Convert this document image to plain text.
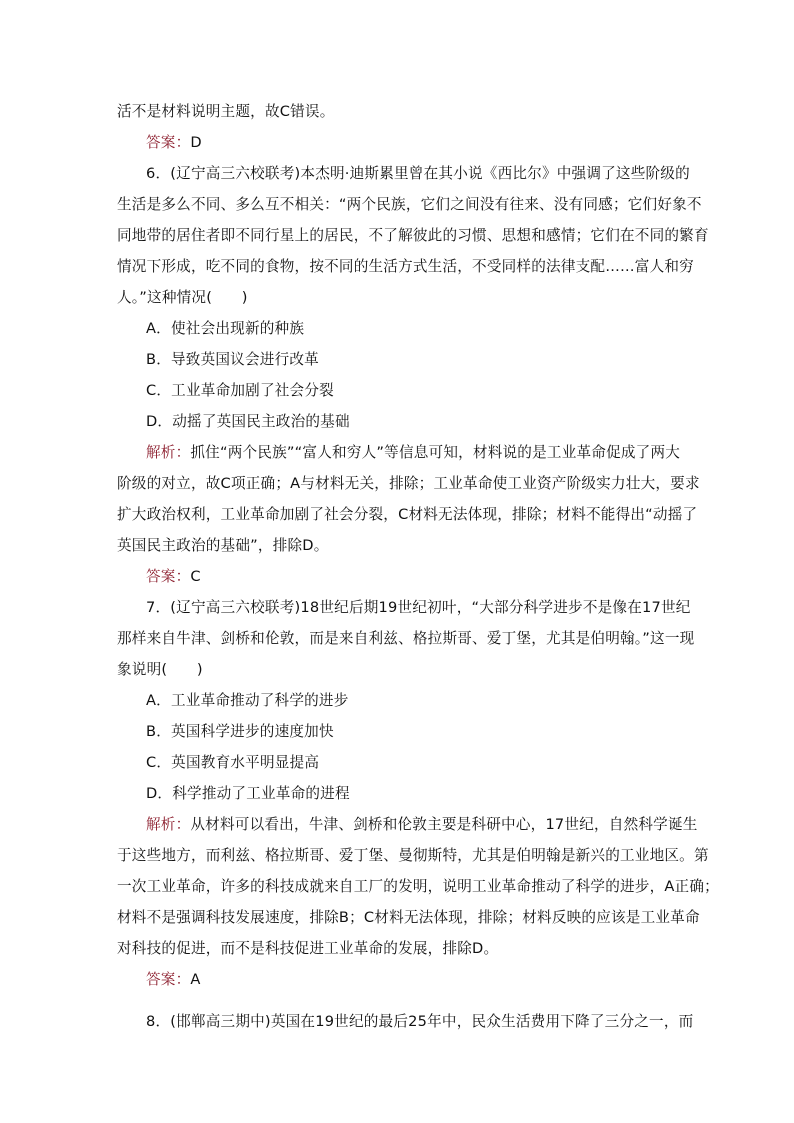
活不是材料说明主题，故C错误。
答案：D
6．(辽宁高三六校联考)本杰明·迪斯累里曾在其小说《西比尔》中强调了这些阶级的
生活是多么不同、多么互不相关：“两个民族，它们之间没有往来、没有同感；它们好象不
同地带的居住者即不同行星上的居民，不了解彼此的习惯、思想和感情；它们在不同的繁育
情况下形成，吃不同的食物，按不同的生活方式生活，不受同样的法律支配……富人和穷
人。”这种情况(　　)
A．使社会出现新的种族
B．导致英国议会进行改革
C．工业革命加剧了社会分裂
D．动摇了英国民主政治的基础
解析：抓住“两个民族”“富人和穷人”等信息可知，材料说的是工业革命促成了两大
阶级的对立，故C项正确；A与材料无关，排除；工业革命使工业资产阶级实力壮大，要求
扩大政治权利，工业革命加剧了社会分裂，C材料无法体现，排除；材料不能得出“动摇了
英国民主政治的基础”，排除D。
答案：C
7．(辽宁高三六校联考)18世纪后期19世纪初叶，“大部分科学进步不是像在17世纪
那样来自牛津、剑桥和伦敦，而是来自利兹、格拉斯哥、爱丁堡，尤其是伯明翰。”这一现
象说明(　　)
A．工业革命推动了科学的进步
B．英国科学进步的速度加快
C．英国教育水平明显提高
D．科学推动了工业革命的进程
解析：从材料可以看出，牛津、剑桥和伦敦主要是科研中心，17世纪，自然科学诞生
于这些地方，而利兹、格拉斯哥、爱丁堡、曼彻斯特，尤其是伯明翰是新兴的工业地区。第
一次工业革命，许多的科技成就来自工厂的发明，说明工业革命推动了科学的进步，A正确；
材料不是强调科技发展速度，排除B；C材料无法体现，排除；材料反映的应该是工业革命
对科技的促进，而不是科技促进工业革命的发展，排除D。
答案：A
8．(邯郸高三期中)英国在19世纪的最后25年中，民众生活费用下降了三分之一，而
